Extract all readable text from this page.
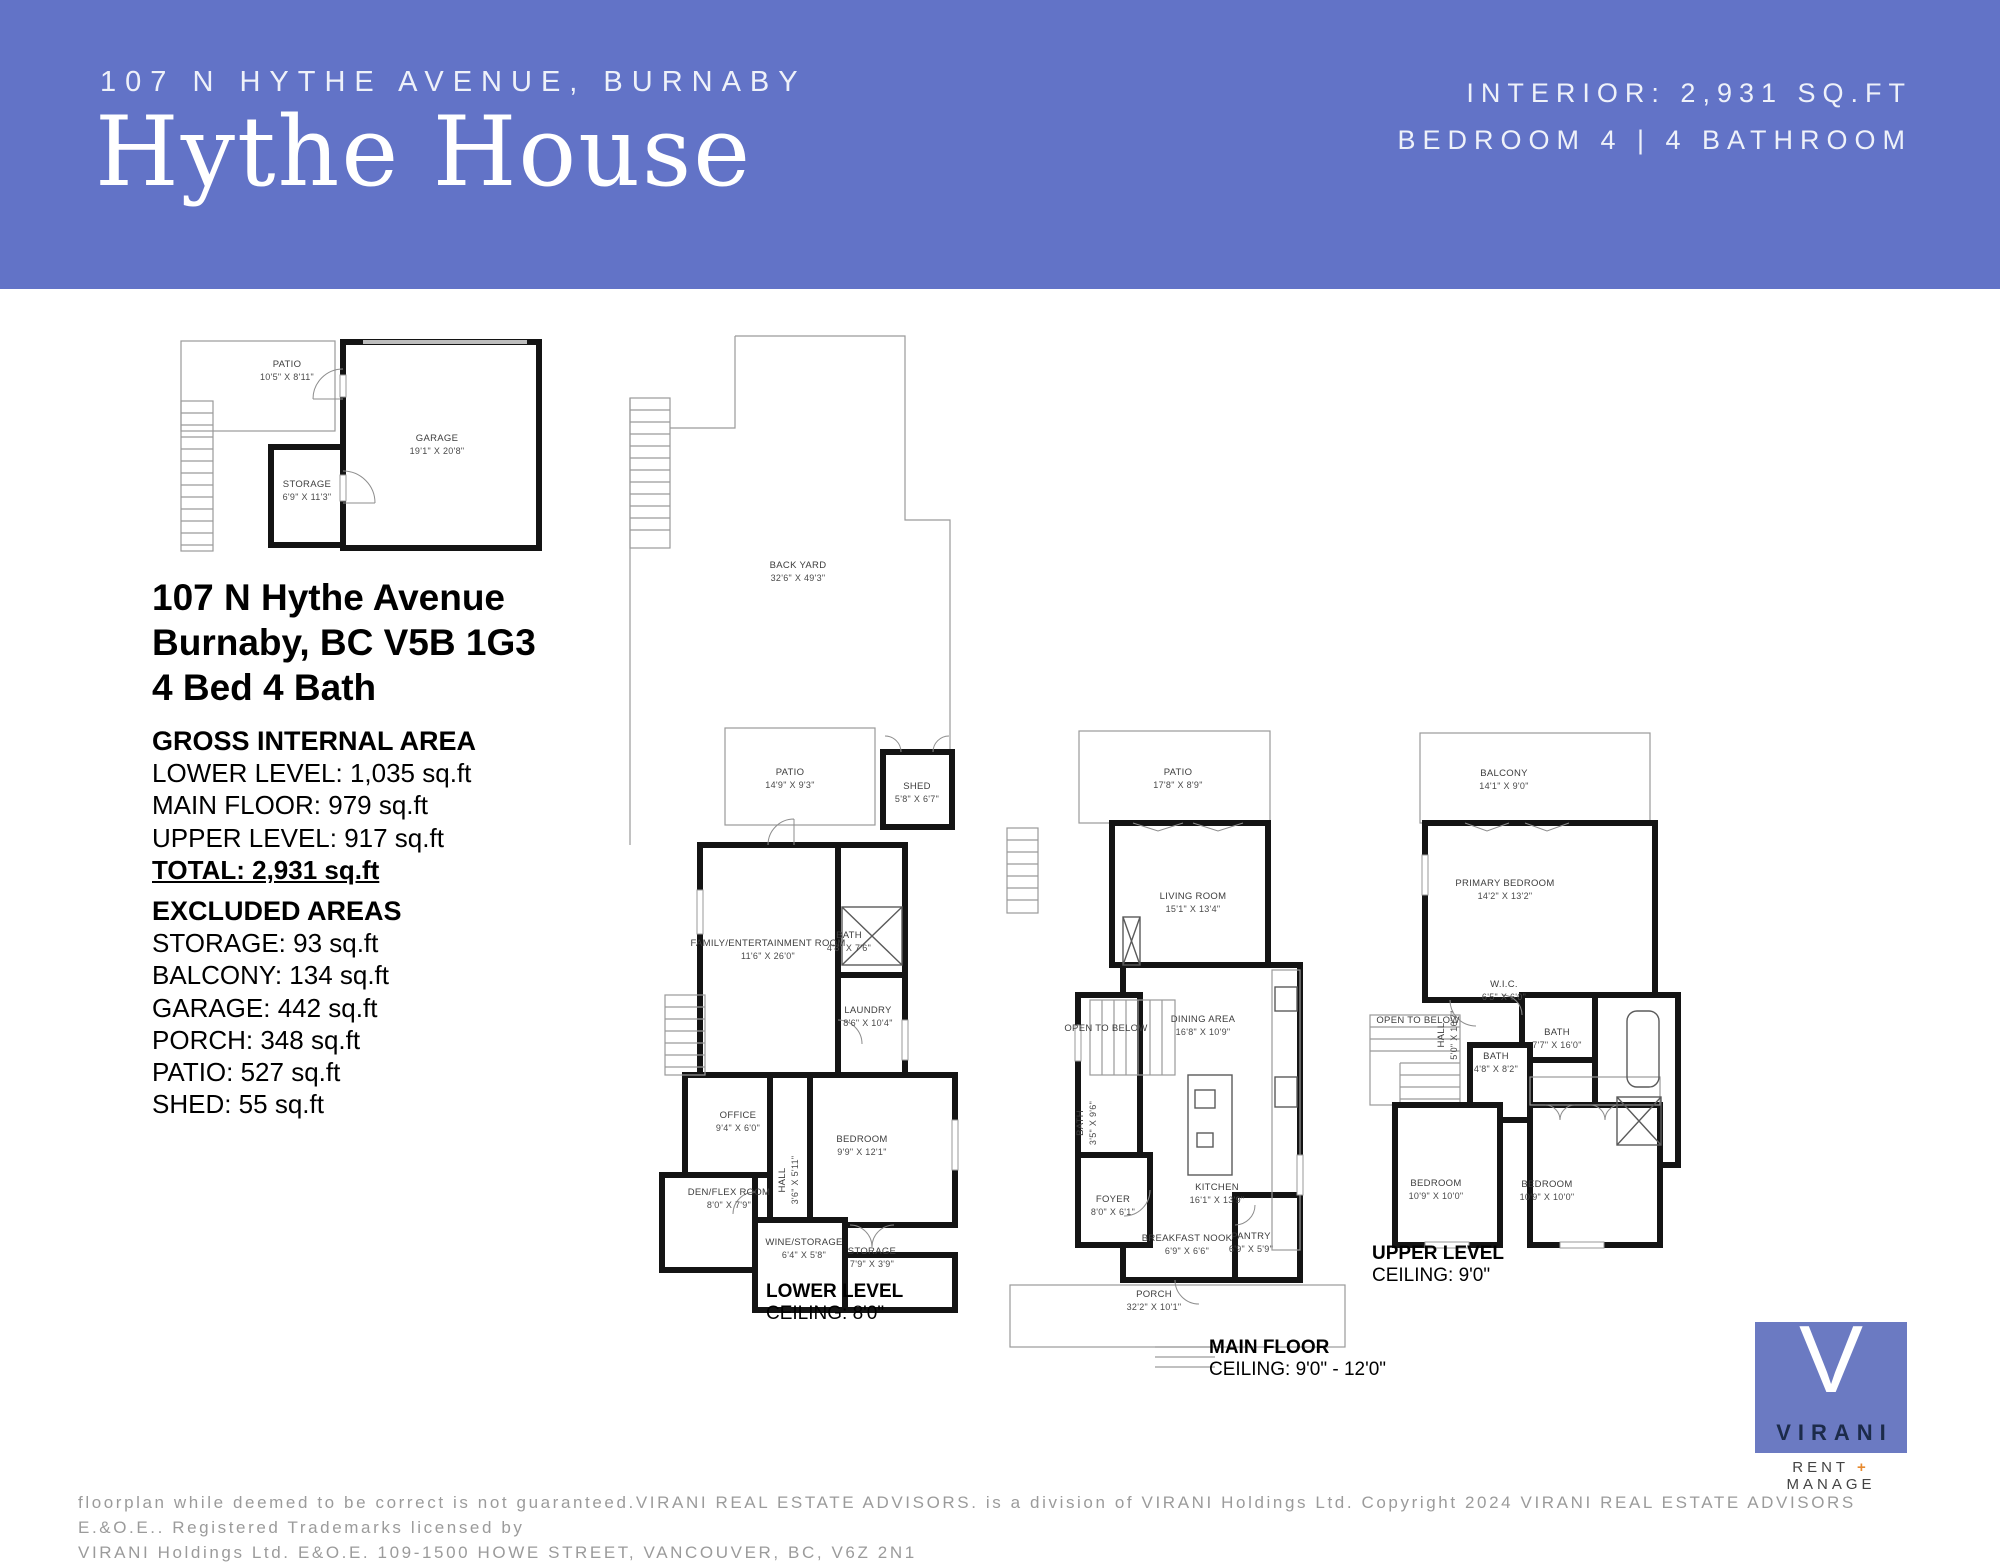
107 N HYTHE AVENUE, BURNABY
Hythe House
INTERIOR: 2,931 SQ.FT
BEDROOM 4 | 4 BATHROOM
PATIO
10'5" X 8'11"
GARAGE
19'1" X 20'8"
STORAGE
6'9" X 11'3"
107 N Hythe Avenue
Burnaby, BC V5B 1G3
4 Bed 4 Bath
GROSS INTERNAL AREA
LOWER LEVEL: 1,035 sq.ft
MAIN FLOOR: 979 sq.ft
UPPER LEVEL: 917 sq.ft
TOTAL: 2,931 sq.ft
EXCLUDED AREAS
STORAGE: 93 sq.ft
BALCONY: 134 sq.ft
GARAGE: 442 sq.ft
PORCH: 348 sq.ft
PATIO: 527 sq.ft
SHED: 55 sq.ft
BACK YARD
32'6" X 49'3"
PATIO
14'9" X 9'3"	SHED
5'8" X 6'7"
FAMILY/ENTERTAINMENT ROOM
11'6" X 26'0"
BATH
4'8" X 7'6"
LAUNDRY
8'6" X 10'4"
OFFICE
9'4" X 6'0"
BEDROOM
9'9" X 12'1"
HALL 3'6" X 5'11"
DEN/FLEX ROOM
8'0" X 7'9"
WINE/STORAGE
6'4" X 5'8"	STORAGE
7'9" X 3'9"
LOWER LEVEL
CEILING: 8'0"
PATIO
17'8" X 8'9"
LIVING ROOM
15'1" X 13'4"
OPEN TO BELOW
DINING AREA
16'8" X 10'9"
BATH 3'5" X 9'6"
FOYER
8'0" X 6'1"
KITCHEN
16'1" X 13'9"
BREAKFAST NOOK
6'9" X 6'6"
PANTRY
6'9" X 5'9"
PORCH
32'2" X 10'1"
MAIN FLOOR
CEILING: 9'0" - 12'0"
BALCONY
14'1" X 9'0"
PRIMARY BEDROOM
14'2" X 13'2"
W.I.C.
6'5" X 6'0"
OPEN TO BELOW
HALL 5'0" X 16'7"	BATH
7'7" X 16'0"
BATH
4'8" X 8'2"
BEDROOM
10'9" X 10'0"
BEDROOM
10'9" X 10'0"
UPPER LEVEL
CEILING: 9'0"
V
VIRANI
RENT + MANAGE
floorplan while deemed to be correct is not guaranteed.VIRANI REAL ESTATE ADVISORS. is a division of VIRANI Holdings Ltd. Copyright 2024 VIRANI REAL ESTATE ADVISORS E.&O.E.. Registered Trademarks licensed by
VIRANI Holdings Ltd. E&O.E. 109-1500 HOWE STREET, VANCOUVER, BC, V6Z 2N1
